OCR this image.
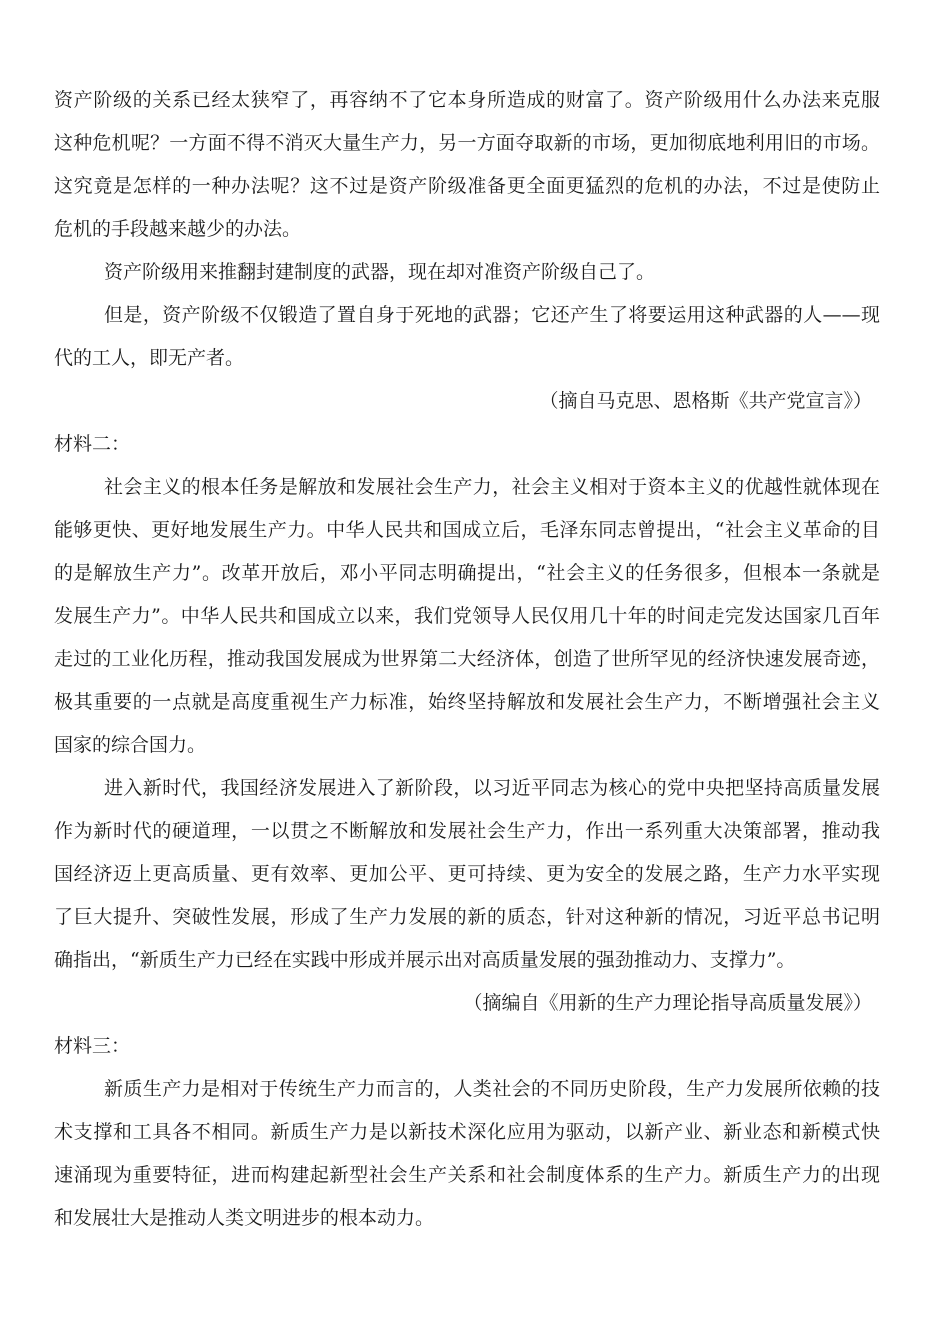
资产阶级的关系已经太狭窄了，再容纳不了它本身所造成的财富了。资产阶级用什么办法来克服
这种危机呢？一方面不得不消灭大量生产力，另一方面夺取新的市场，更加彻底地利用旧的市场。
这究竟是怎样的一种办法呢？这不过是资产阶级准备更全面更猛烈的危机的办法，不过是使防止
危机的手段越来越少的办法。
资产阶级用来推翻封建制度的武器，现在却对准资产阶级自己了。
但是，资产阶级不仅锻造了置自身于死地的武器；它还产生了将要运用这种武器的人——现
代的工人，即无产者。
（摘自马克思、恩格斯《共产党宣言》）
材料二：
社会主义的根本任务是解放和发展社会生产力，社会主义相对于资本主义的优越性就体现在
能够更快、更好地发展生产力。中华人民共和国成立后，毛泽东同志曾提出，“社会主义革命的目
的是解放生产力”。改革开放后，邓小平同志明确提出，“社会主义的任务很多，但根本一条就是
发展生产力”。中华人民共和国成立以来，我们党领导人民仅用几十年的时间走完发达国家几百年
走过的工业化历程，推动我国发展成为世界第二大经济体，创造了世所罕见的经济快速发展奇迹，
极其重要的一点就是高度重视生产力标准，始终坚持解放和发展社会生产力，不断增强社会主义
国家的综合国力。
进入新时代，我国经济发展进入了新阶段，以习近平同志为核心的党中央把坚持高质量发展
作为新时代的硬道理，一以贯之不断解放和发展社会生产力，作出一系列重大决策部署，推动我
国经济迈上更高质量、更有效率、更加公平、更可持续、更为安全的发展之路，生产力水平实现
了巨大提升、突破性发展，形成了生产力发展的新的质态，针对这种新的情况，习近平总书记明
确指出，“新质生产力已经在实践中形成并展示出对高质量发展的强劲推动力、支撑力”。
（摘编自《用新的生产力理论指导高质量发展》）
材料三：
新质生产力是相对于传统生产力而言的，人类社会的不同历史阶段，生产力发展所依赖的技
术支撑和工具各不相同。新质生产力是以新技术深化应用为驱动，以新产业、新业态和新模式快
速涌现为重要特征，进而构建起新型社会生产关系和社会制度体系的生产力。新质生产力的出现
和发展壮大是推动人类文明进步的根本动力。
